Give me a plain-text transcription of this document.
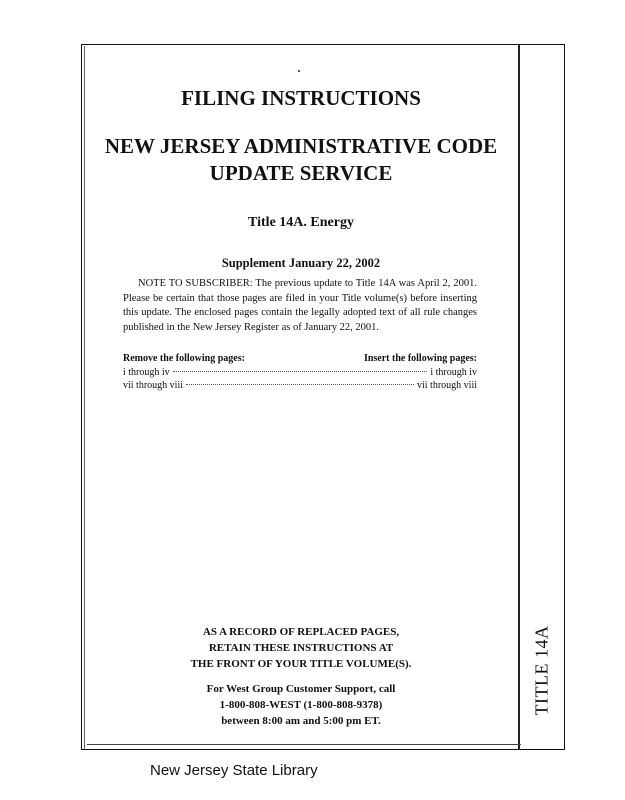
TITLE 14A
FILING INSTRUCTIONS
NEW JERSEY ADMINISTRATIVE CODE
UPDATE SERVICE
Title 14A. Energy
Supplement January 22, 2002

NOTE TO SUBSCRIBER: The previous update to Title 14A was April 2, 2001. Please be certain that those pages are filed in your Title volume(s) before inserting this update. The enclosed pages contain the legally adopted text of all rule changes published in the New Jersey Register as of January 22, 2001.

Remove the following pages:	Insert the following pages:
i through iv	i through iv
vii through viii	vii through viii

AS A RECORD OF REPLACED PAGES,
RETAIN THESE INSTRUCTIONS AT
THE FRONT OF YOUR TITLE VOLUME(S).

For West Group Customer Support, call
1-800-808-WEST (1-800-808-9378)
between 8:00 am and 5:00 pm ET.

New Jersey State Library
